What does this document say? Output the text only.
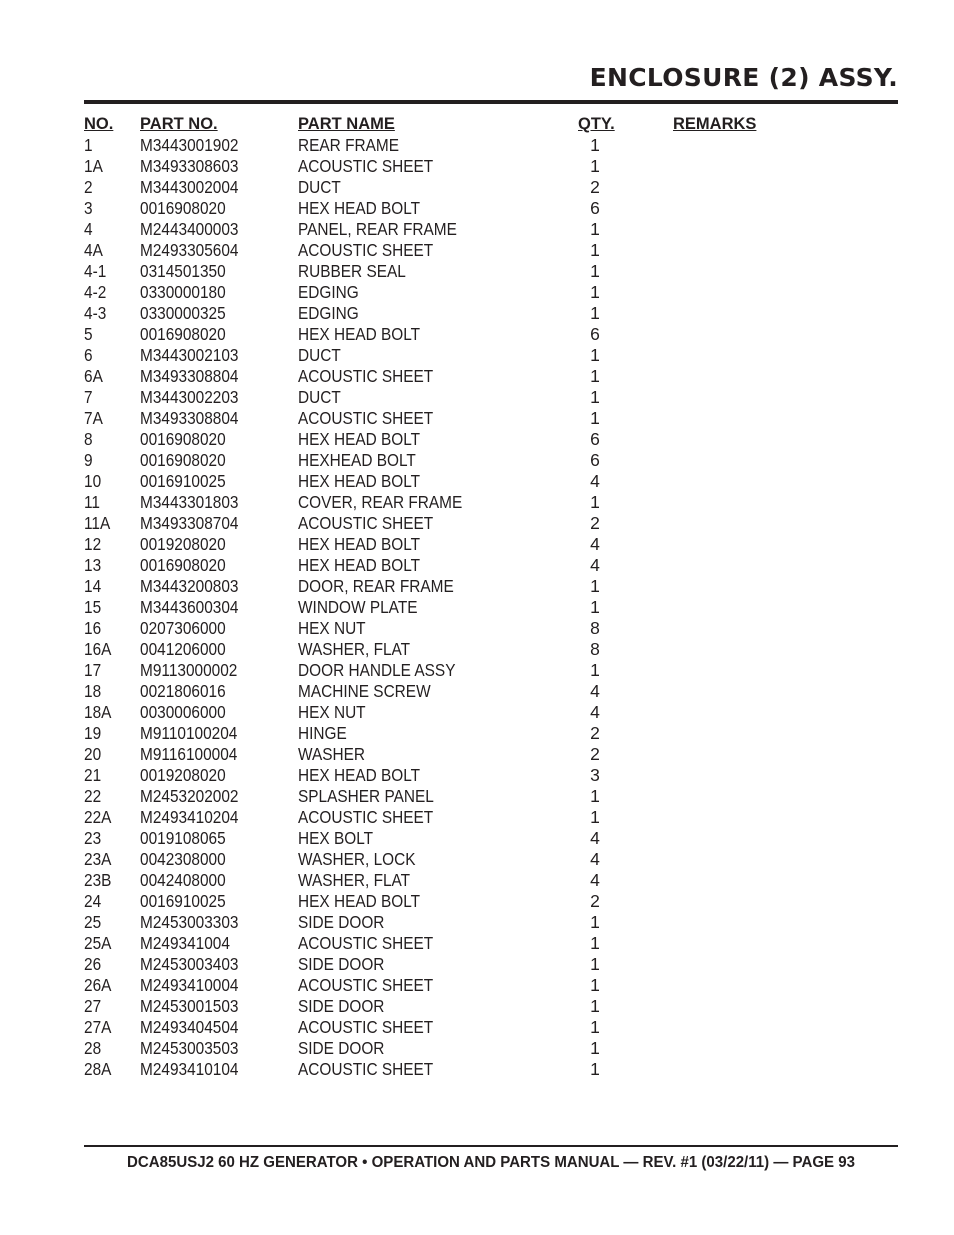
ENCLOSURE (2) ASSY.
NO. PART NO.	PART NAME	QTY.	REMARKS
1	M3443001902	REAR FRAME	1
1A M3493308603	ACOUSTIC SHEET	1
2	M3443002004	DUCT	2
3	0016908020	HEX HEAD BOLT	6
4	M2443400003	PANEL, REAR FRAME	1
4A M2493305604	ACOUSTIC SHEET	1
4-1 0314501350	RUBBER SEAL	1
4-2 0330000180	EDGING	1
4-3 0330000325	EDGING	1
5	0016908020	HEX HEAD BOLT	6
6	M3443002103	DUCT	1
6A M3493308804	ACOUSTIC SHEET	1
7	M3443002203	DUCT	1
7A M3493308804	ACOUSTIC SHEET	1
8	0016908020	HEX HEAD BOLT	6
9	0016908020	HEXHEAD BOLT	6
10 0016910025	HEX HEAD BOLT	4
11 M3443301803	COVER, REAR FRAME	1
11A M3493308704	ACOUSTIC SHEET	2
12 0019208020	HEX HEAD BOLT	4
13 0016908020	HEX HEAD BOLT	4
14 M3443200803	DOOR, REAR FRAME	1
15 M3443600304	WINDOW PLATE	1
16 0207306000	HEX NUT	8
16A 0041206000	WASHER, FLAT	8
17 M9113000002	DOOR HANDLE ASSY	1
18 0021806016	MACHINE SCREW	4
18A 0030006000	HEX NUT	4
19 M9110100204	HINGE	2
20 M9116100004	WASHER	2
21 0019208020	HEX HEAD BOLT	3
22 M2453202002	SPLASHER PANEL	1
22A M2493410204	ACOUSTIC SHEET	1
23 0019108065	HEX BOLT	4
23A 0042308000	WASHER, LOCK	4
23B 0042408000	WASHER, FLAT	4
24 0016910025	HEX HEAD BOLT	2
25 M2453003303	SIDE DOOR	1
25A M249341004	ACOUSTIC SHEET	1
26 M2453003403	SIDE DOOR	1
26A M2493410004	ACOUSTIC SHEET	1
27 M2453001503	SIDE DOOR	1
27A M2493404504	ACOUSTIC SHEET	1
28 M2453003503	SIDE DOOR	1
28A M2493410104	ACOUSTIC SHEET	1
DCA85USJ2 60 HZ GENERATOR • OPERATION AND PARTS MANUAL — REV. #1 (03/22/11) — PAGE 93
